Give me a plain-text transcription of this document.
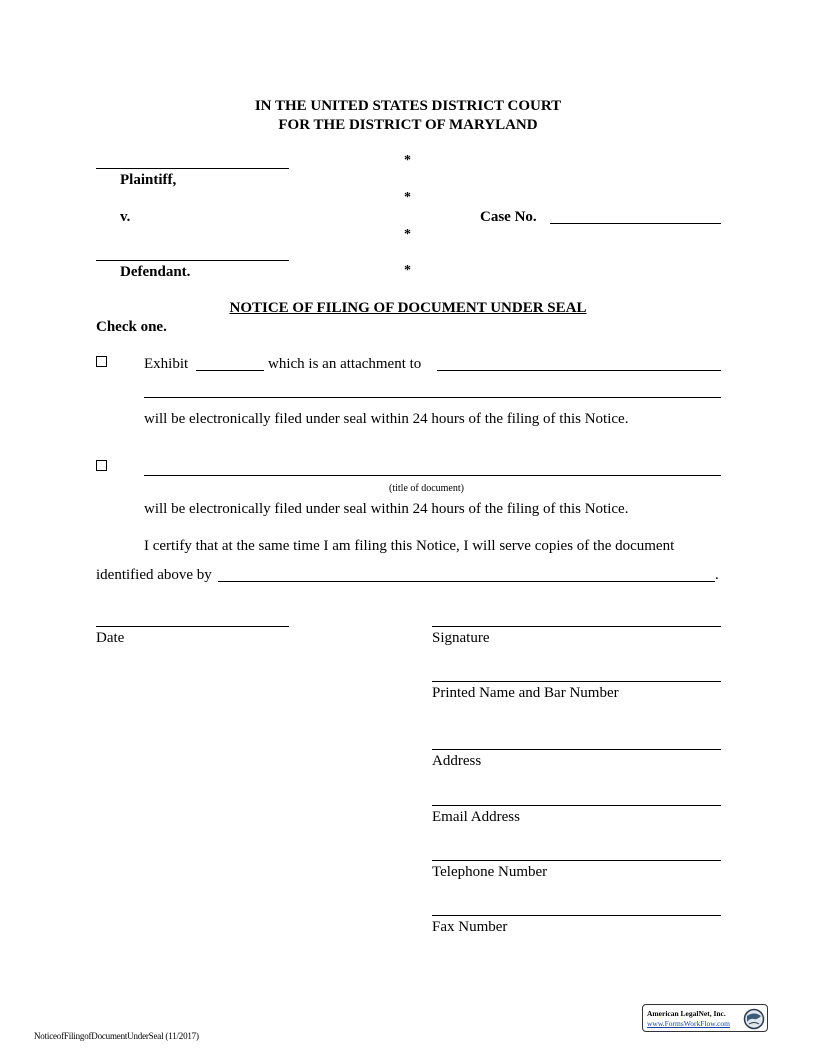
IN THE UNITED STATES DISTRICT COURT
FOR THE DISTRICT OF MARYLAND
Plaintiff,
v.
Defendant.
*
*
*
*
Case No.
NOTICE OF FILING OF DOCUMENT UNDER SEAL
Check one.
Exhibit	which is an attachment to
will be electronically filed under seal within 24 hours of the filing of this Notice.
(title of document)
will be electronically filed under seal within 24 hours of the filing of this Notice.
I certify that at the same time I am filing this Notice, I will serve copies of the document
identified above by	.
Date	Signature
Printed Name and Bar Number
Address
Email Address
Telephone Number
Fax Number
NoticeofFilingofDocumentUnderSeal (11/2017)
American LegalNet, Inc.
www.FormsWorkFlow.com
